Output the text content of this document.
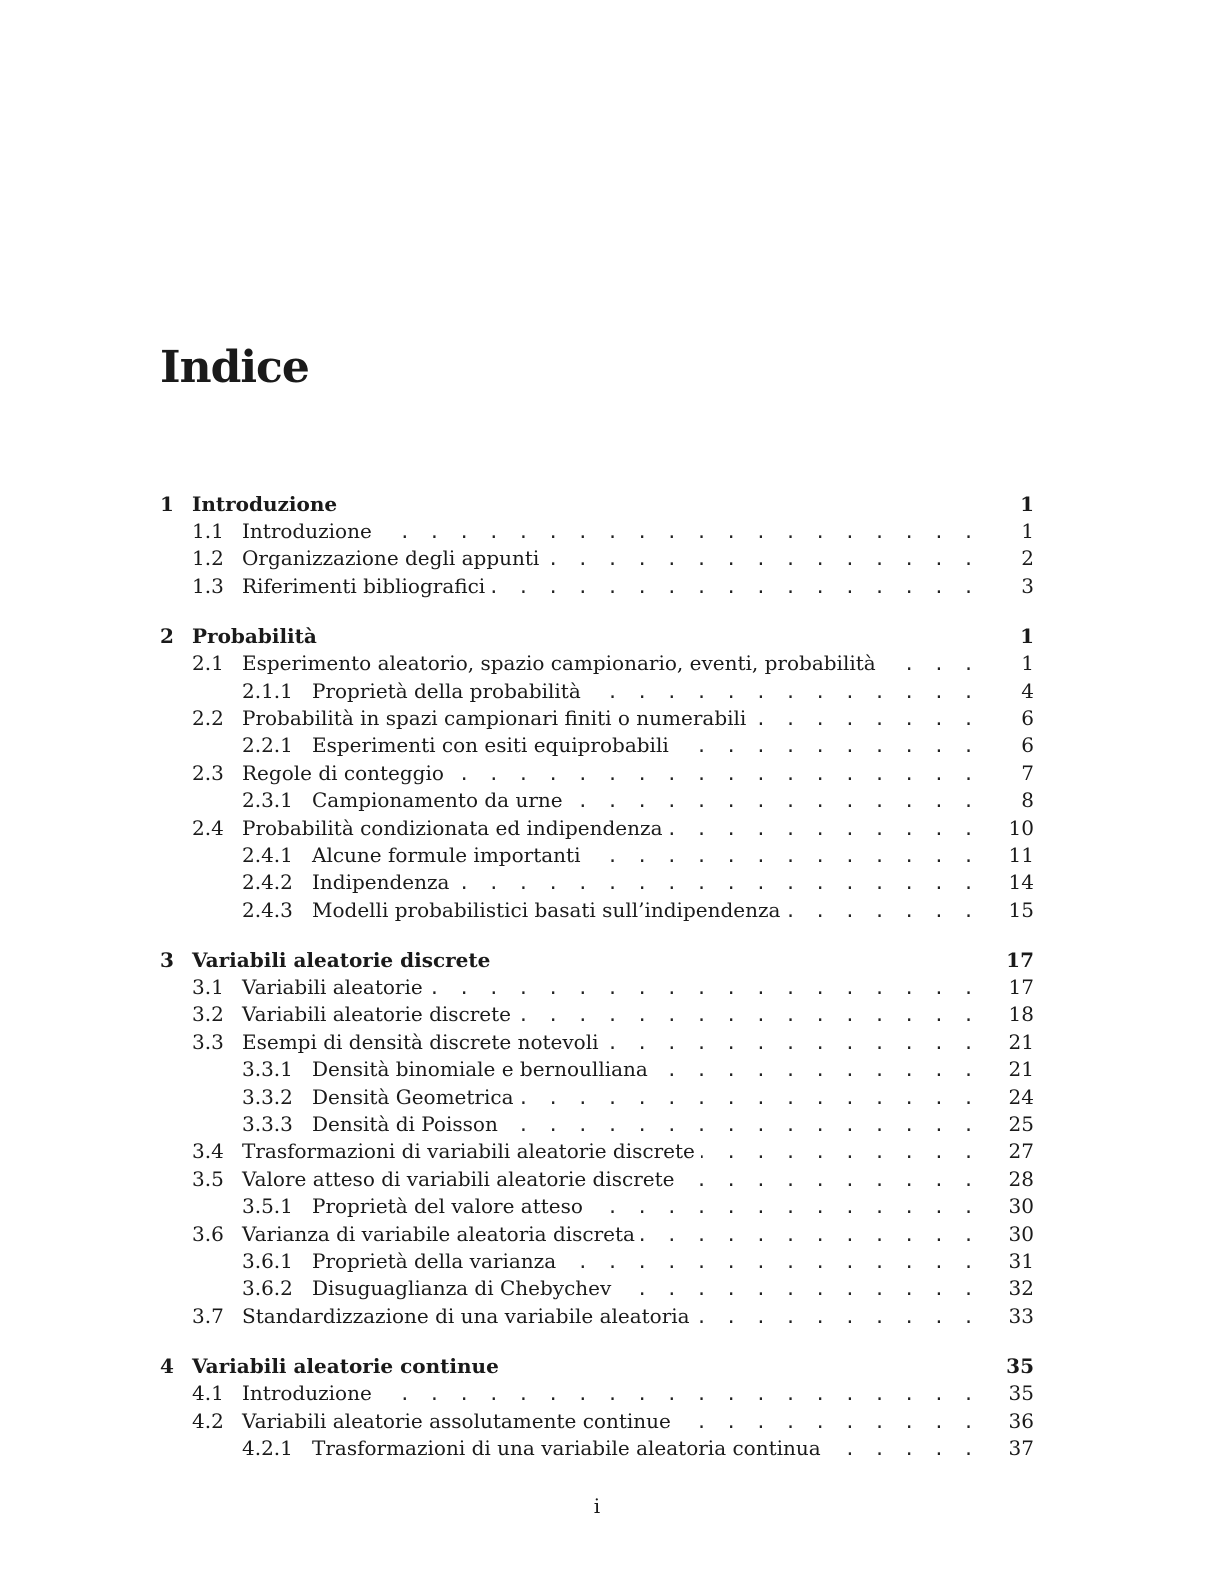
Indice
1 Introduzione	1
1.1 Introduzione . . .	1
1.2 Organizzazione degli appunti . . .	2
1.3 Riferimenti bibliografici . . .	3
2 Probabilità	1
2.1 Esperimento aleatorio, spazio campionario, eventi, probabilità . . .	1
2.1.1 Proprietà della probabilità . . .	4
2.2 Probabilità in spazi campionari finiti o numerabili . . .	6
2.2.1 Esperimenti con esiti equiprobabili . . .	6
2.3 Regole di conteggio . . .	7
2.3.1 Campionamento da urne . . .	8
2.4 Probabilità condizionata ed indipendenza . . .	10
2.4.1 Alcune formule importanti . . .	11
2.4.2 Indipendenza . . .	14
2.4.3 Modelli probabilistici basati sull’indipendenza . . .	15
3 Variabili aleatorie discrete	17
3.1 Variabili aleatorie . . .	17
3.2 Variabili aleatorie discrete . . .	18
3.3 Esempi di densità discrete notevoli . . .	21
3.3.1 Densità binomiale e bernoulliana . . .	21
3.3.2 Densità Geometrica . . .	24
3.3.3 Densità di Poisson . . .	25
3.4 Trasformazioni di variabili aleatorie discrete . . .	27
3.5 Valore atteso di variabili aleatorie discrete . . .	28
3.5.1 Proprietà del valore atteso . . .	30
3.6 Varianza di variabile aleatoria discreta . . .	30
3.6.1 Proprietà della varianza . . .	31
3.6.2 Disuguaglianza di Chebychev . . .	32
3.7 Standardizzazione di una variabile aleatoria . . .	33
4 Variabili aleatorie continue	35
4.1 Introduzione . . .	35
4.2 Variabili aleatorie assolutamente continue . . .	36
4.2.1 Trasformazioni di una variabile aleatoria continua . . .	37
i
